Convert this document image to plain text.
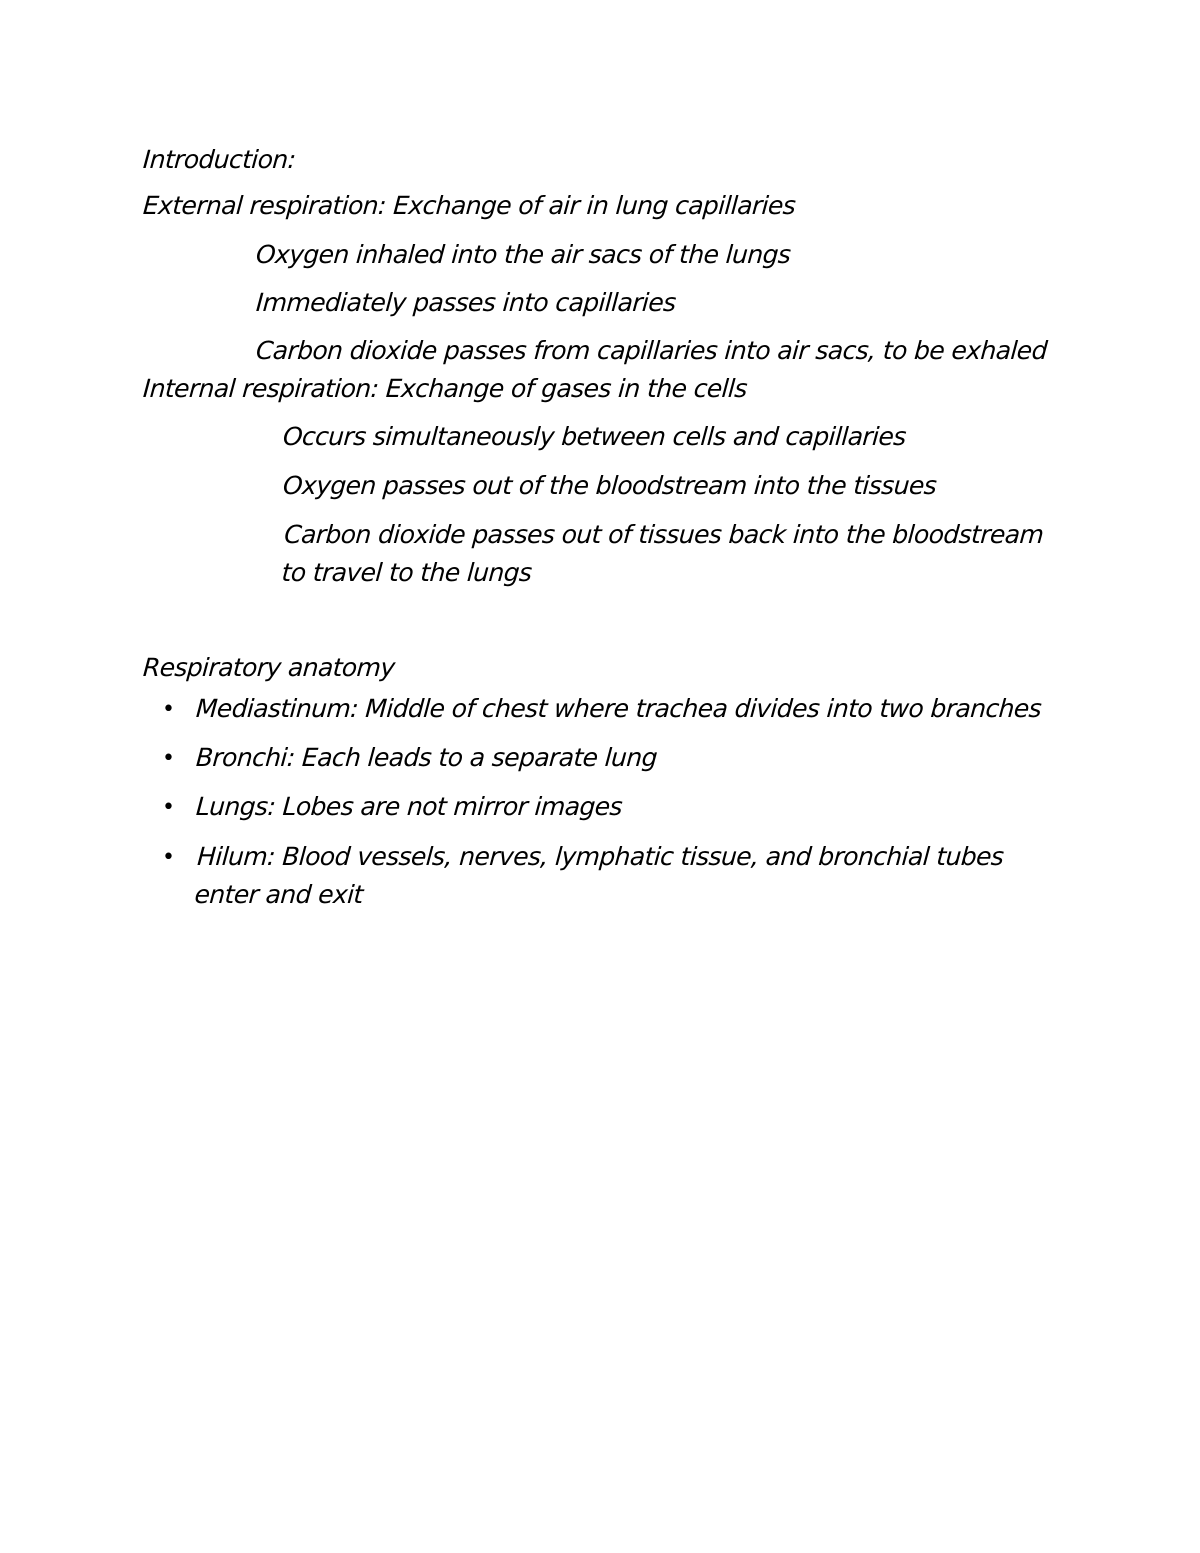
Introduction:
External respiration: Exchange of air in lung capillaries
Oxygen inhaled into the air sacs of the lungs
Immediately passes into capillaries
Carbon dioxide passes from capillaries into air sacs, to be exhaled
Internal respiration: Exchange of gases in the cells
Occurs simultaneously between cells and capillaries
Oxygen passes out of the bloodstream into the tissues
Carbon dioxide passes out of tissues back into the bloodstream to travel to the lungs
Respiratory anatomy
• Mediastinum: Middle of chest where trachea divides into two branches
• Bronchi: Each leads to a separate lung
• Lungs: Lobes are not mirror images
• Hilum: Blood vessels, nerves, lymphatic tissue, and bronchial tubes enter and exit
